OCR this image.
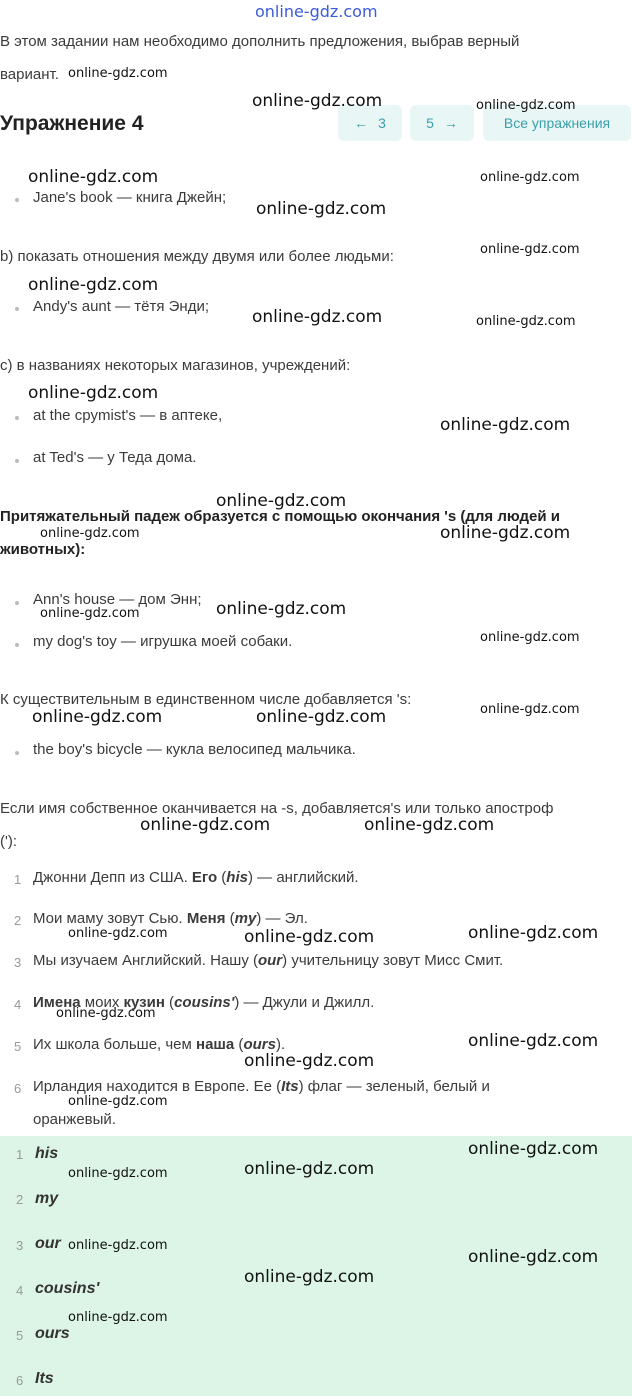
online-gdz.com
В этом задании нам необходимо дополнить предложения, выбрав верный
вариант.
Упражнение 4	← 3	5 →	Все упражнения
Jane's book — книга Джейн;
b) показать отношения между двумя или более людьми:
Andy's aunt — тётя Энди;
c) в названиях некоторых магазинов, учреждений:
at the cpymist's — в аптеке,
at Ted's — у Теда дома.
Притяжательный падеж образуется с помощью окончания 's (для людей и
животных):
Ann's house — дом Энн;
my dog's toy — игрушка моей собаки.
К существительным в единственном числе добавляется 's:
the boy's bicycle — кукла велосипед мальчика.
Если имя собственное оканчивается на -s, добавляется's или только апостроф
('):
1 Джонни Депп из США. Его (his) — английский.
2 Мои маму зовут Сью. Меня (my) — Эл.
3 Мы изучаем Английский. Нашу (our) учительницу зовут Мисс Смит.
4 Имена моих кузин (cousins') — Джули и Джилл.
5 Их школа больше, чем наша (ours).
6 Ирландия находится в Европе. Ее (Its) флаг — зеленый, белый и
оранжевый.
1 his
2 my
3 our
4 cousins'
5 ours
6 Its
online-gdz.com
online-gdz.com	online-gdz.com
online-gdz.com	online-gdz.com
online-gdz.com
online-gdz.com
online-gdz.com
online-gdz.com	online-gdz.com
online-gdz.com
online-gdz.com
online-gdz.com
online-gdz.com
online-gdz.com
online-gdz.com
online-gdz.com
online-gdz.com
online-gdz.com
online-gdz.com	online-gdz.com
online-gdz.com	online-gdz.com
online-gdz.com
online-gdz.com	online-gdz.com
online-gdz.com
online-gdz.com
online-gdz.com
online-gdz.com
online-gdz.com
online-gdz.com
online-gdz.com
online-gdz.com
online-gdz.com
online-gdz.com
online-gdz.com
